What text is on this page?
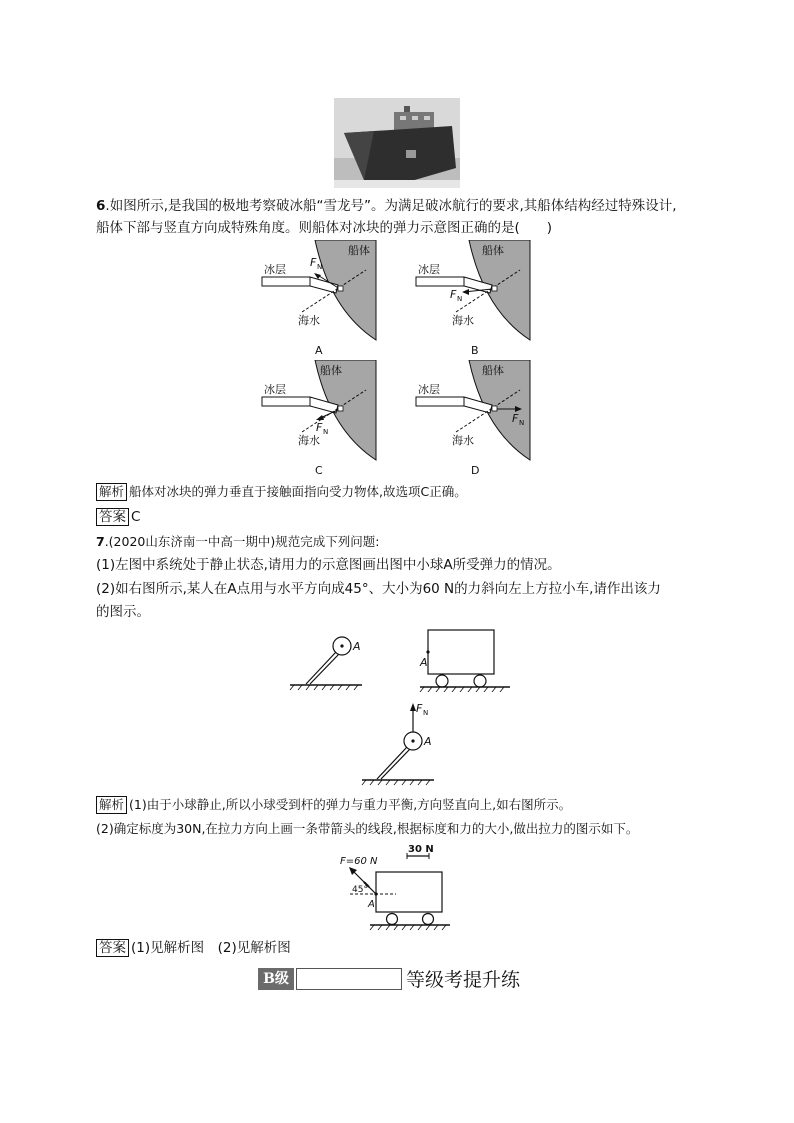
6.如图所示,是我国的极地考察破冰船“雪龙号”。为满足破冰航行的要求,其船体结构经过特殊设计,
船体下部与竖直方向成特殊角度。则船体对冰块的弹力示意图正确的是(　　)
船体
冰层
F N
海水
A
船体
冰层
F N
海水
B
船体
冰层
F N
海水
C
船体
冰层
F N
海水
D
解析 船体对冰块的弹力垂直于接触面指向受力物体,故选项C正确。
答案 C
7.(2020山东济南一中高一期中)规范完成下列问题:
(1)左图中系统处于静止状态,请用力的示意图画出图中小球A所受弹力的情况。
(2)如右图所示,某人在A点用与水平方向成45°、大小为60 N的力斜向左上方拉小车,请作出该力
的图示。
A
A
F N
A
解析 (1)由于小球静止,所以小球受到杆的弹力与重力平衡,方向竖直向上,如右图所示。
(2)确定标度为30N,在拉力方向上画一条带箭头的线段,根据标度和力的大小,做出拉力的图示如下。
30 N
F=60 N
45°
A
答案 (1)见解析图　(2)见解析图
B级	等级考提升练
